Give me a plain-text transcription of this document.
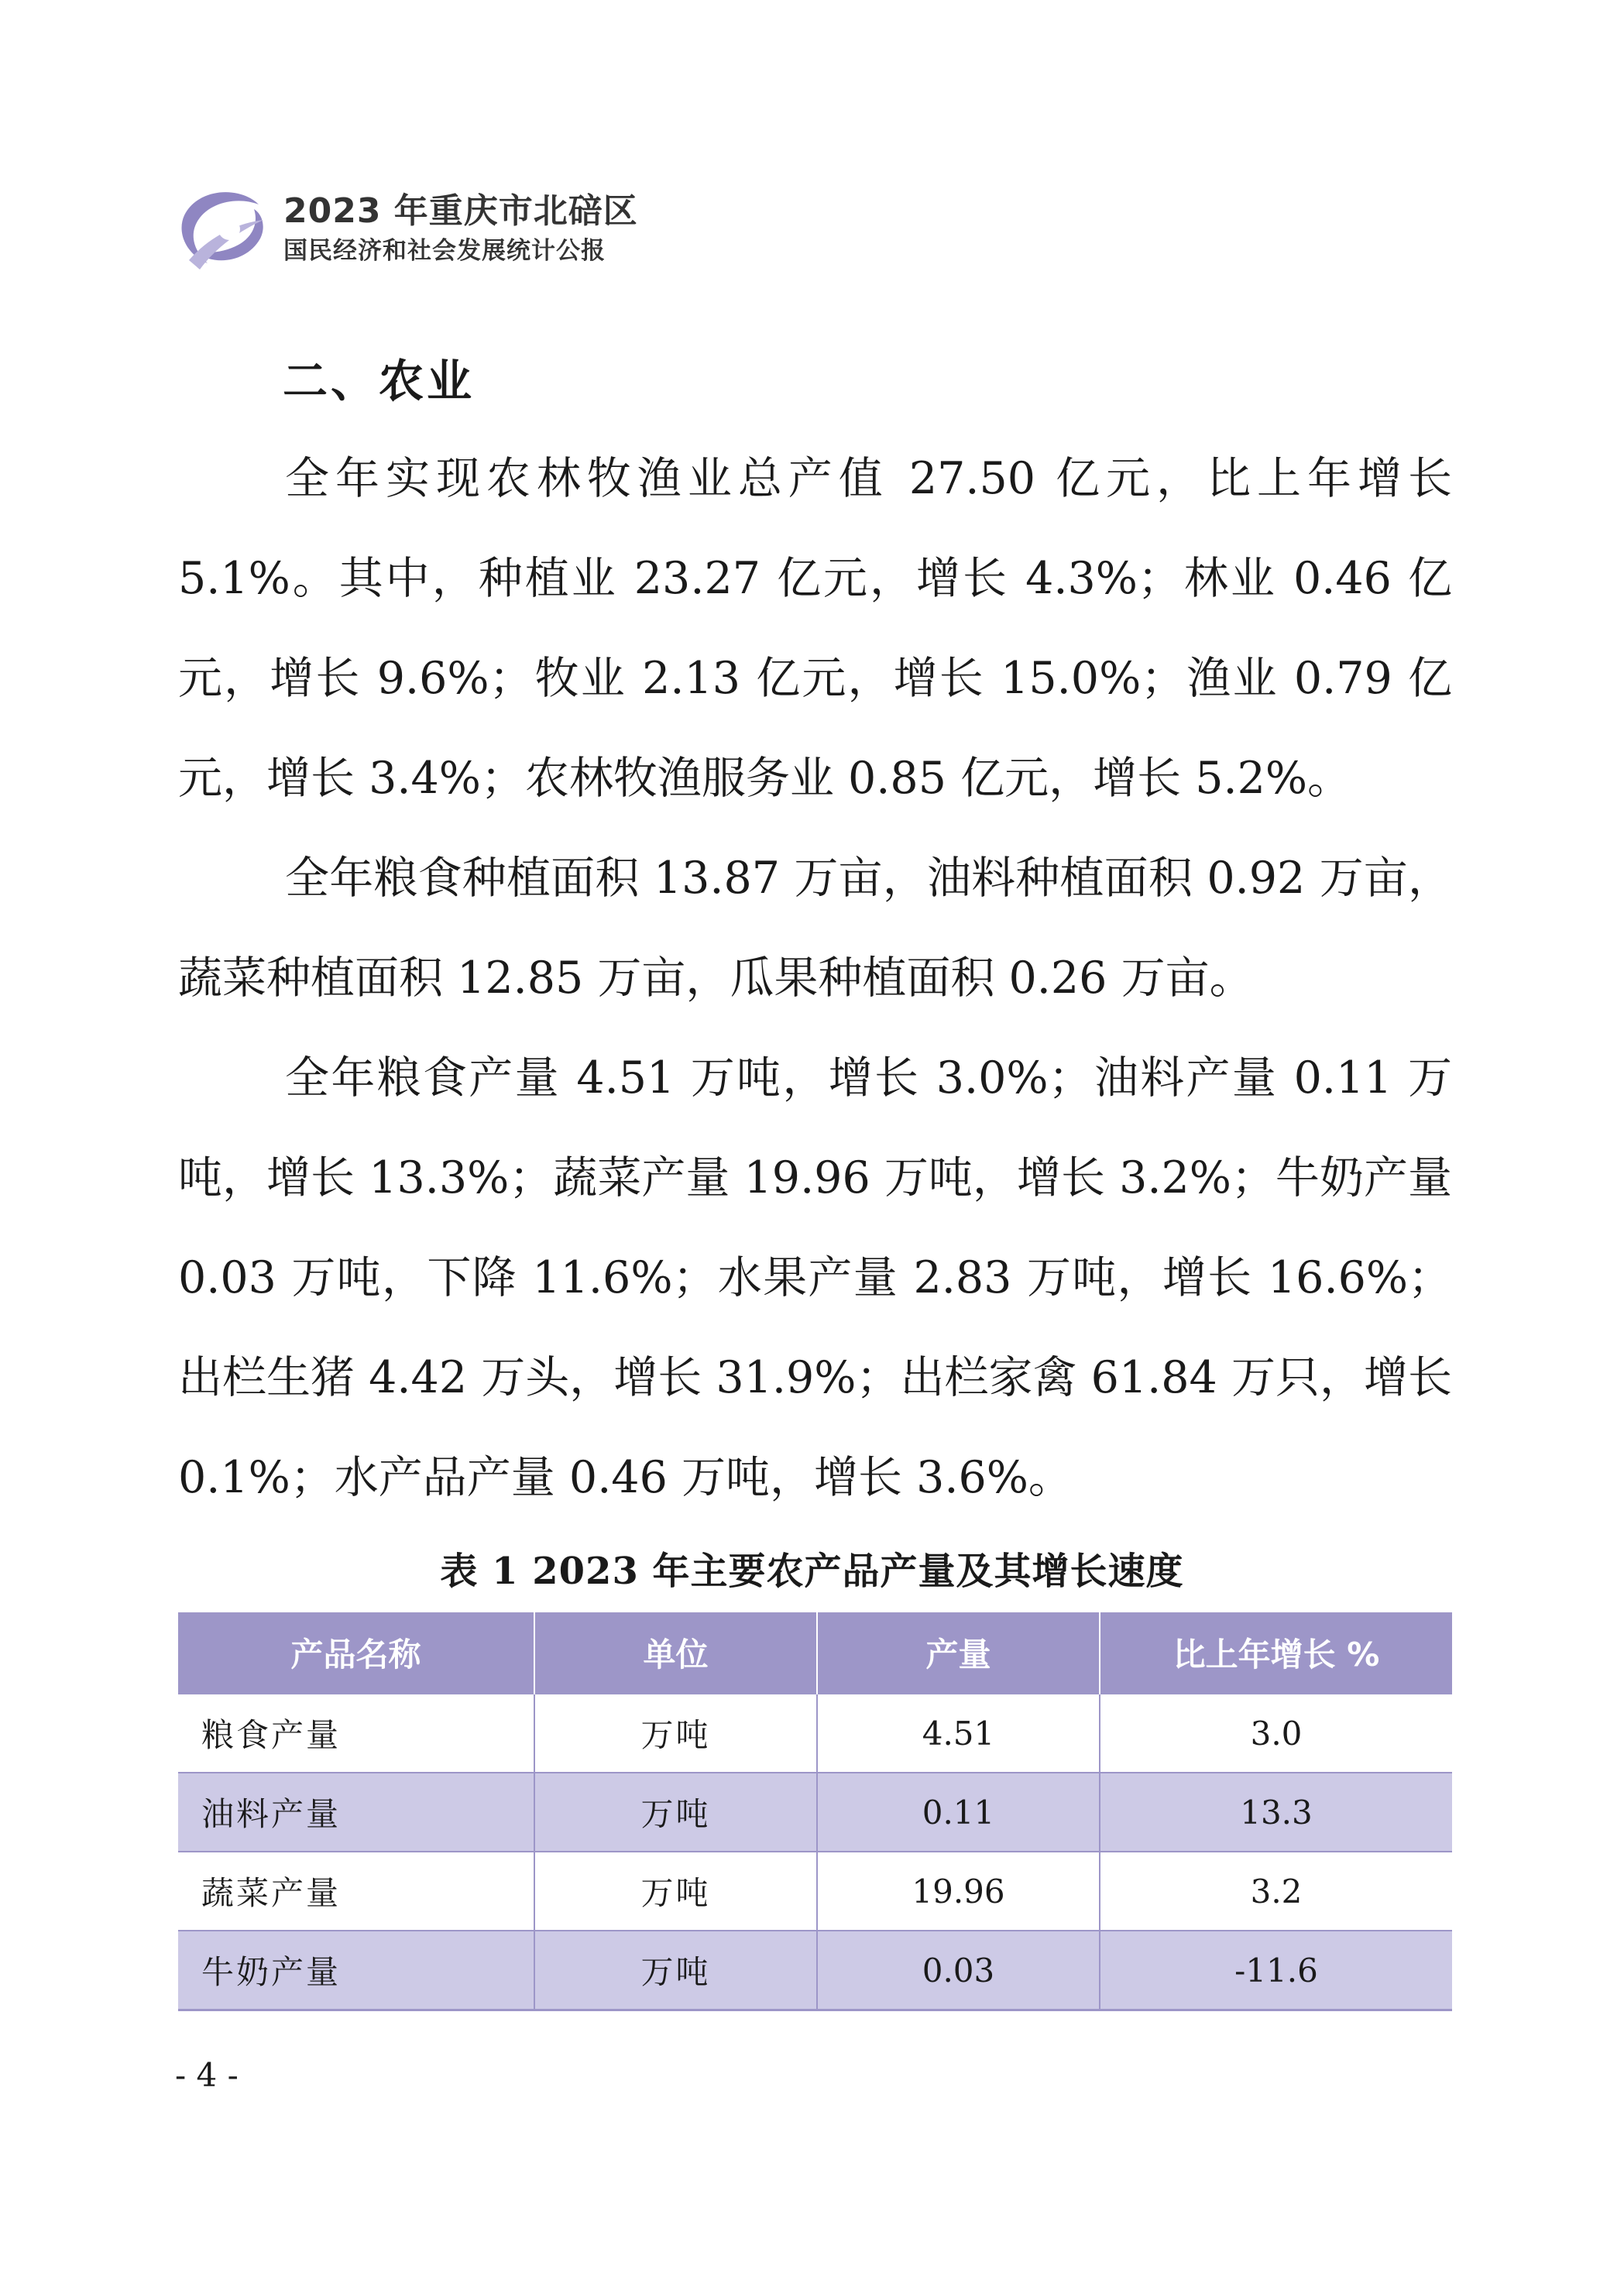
2023 年重庆市北碚区
国民经济和社会发展统计公报
二、农业

全年实现农林牧渔业总产值 27.50 亿元，比上年增长 5.1%。其中，种植业 23.27 亿元，增长 4.3%；林业 0.46 亿元，增长 9.6%；牧业 2.13 亿元，增长 15.0%；渔业 0.79 亿元，增长 3.4%；农林牧渔服务业 0.85 亿元，增长 5.2%。

全年粮食种植面积 13.87 万亩，油料种植面积 0.92 万亩，蔬菜种植面积 12.85 万亩，瓜果种植面积 0.26 万亩。

全年粮食产量 4.51 万吨，增长 3.0%；油料产量 0.11 万吨，增长 13.3%；蔬菜产量 19.96 万吨，增长 3.2%；牛奶产量 0.03 万吨，下降 11.6%；水果产量 2.83 万吨，增长 16.6%；出栏生猪 4.42 万头，增长 31.9%；出栏家禽 61.84 万只，增长 0.1%；水产品产量 0.46 万吨，增长 3.6%。

表 1 2023 年主要农产品产量及其增长速度
产品名称	单位	产量	比上年增长 %
粮食产量	万吨	4.51	3.0
油料产量	万吨	0.11	13.3
蔬菜产量	万吨	19.96	3.2
牛奶产量	万吨	0.03	-11.6
- 4 -
